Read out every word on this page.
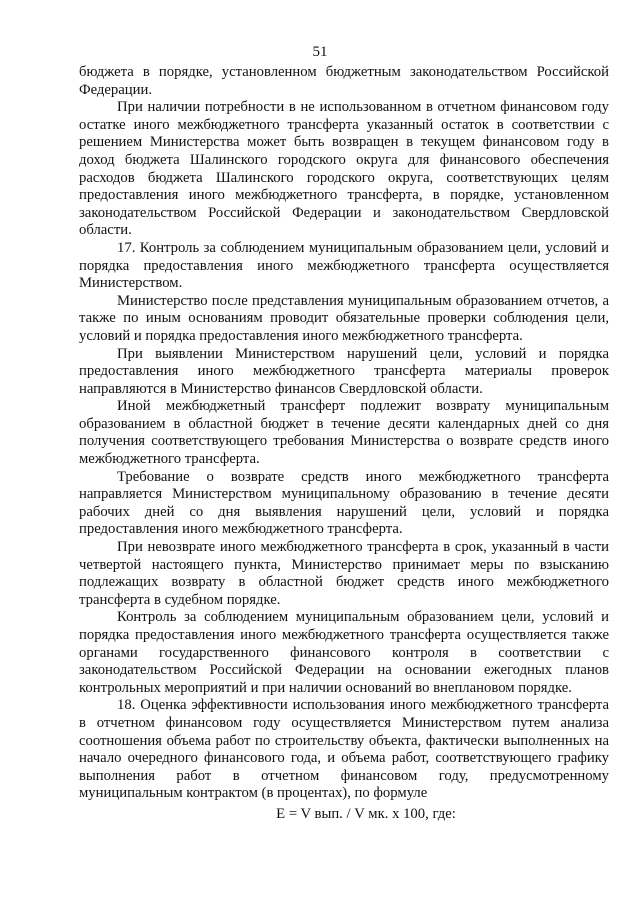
51

бюджета в порядке, установленном бюджетным законодательством Российской Федерации.

При наличии потребности в не использованном в отчетном финансовом году остатке иного межбюджетного трансферта указанный остаток в соответствии с решением Министерства может быть возвращен в текущем финансовом году в доход бюджета Шалинского городского округа для финансового обеспечения расходов бюджета Шалинского городского округа, соответствующих целям предоставления иного межбюджетного трансферта, в порядке, установленном законодательством Российской Федерации и законодательством Свердловской области.

17. Контроль за соблюдением муниципальным образованием цели, условий и порядка предоставления иного межбюджетного трансферта осуществляется Министерством.

Министерство после представления муниципальным образованием отчетов, а также по иным основаниям проводит обязательные проверки соблюдения цели, условий и порядка предоставления иного межбюджетного трансферта.

При выявлении Министерством нарушений цели, условий и порядка предоставления иного межбюджетного трансферта материалы проверок направляются в Министерство финансов Свердловской области.

Иной межбюджетный трансферт подлежит возврату муниципальным образованием в областной бюджет в течение десяти календарных дней со дня получения соответствующего требования Министерства о возврате средств иного межбюджетного трансферта.

Требование о возврате средств иного межбюджетного трансферта направляется Министерством муниципальному образованию в течение десяти рабочих дней со дня выявления нарушений цели, условий и порядка предоставления иного межбюджетного трансферта.

При невозврате иного межбюджетного трансферта в срок, указанный в части четвертой настоящего пункта, Министерство принимает меры по взысканию подлежащих возврату в областной бюджет средств иного межбюджетного трансферта в судебном порядке.

Контроль за соблюдением муниципальным образованием цели, условий и порядка предоставления иного межбюджетного трансферта осуществляется также органами государственного финансового контроля в соответствии с законодательством Российской Федерации на основании ежегодных планов контрольных мероприятий и при наличии оснований во внеплановом порядке.

18. Оценка эффективности использования иного межбюджетного трансферта в отчетном финансовом году осуществляется Министерством путем анализа соотношения объема работ по строительству объекта, фактически выполненных на начало очередного финансового года, и объема работ, соответствующего графику выполнения работ в отчетном финансовом году, предусмотренному муниципальным контрактом (в процентах), по формуле

E = V вып. / V мк. х 100, где:
